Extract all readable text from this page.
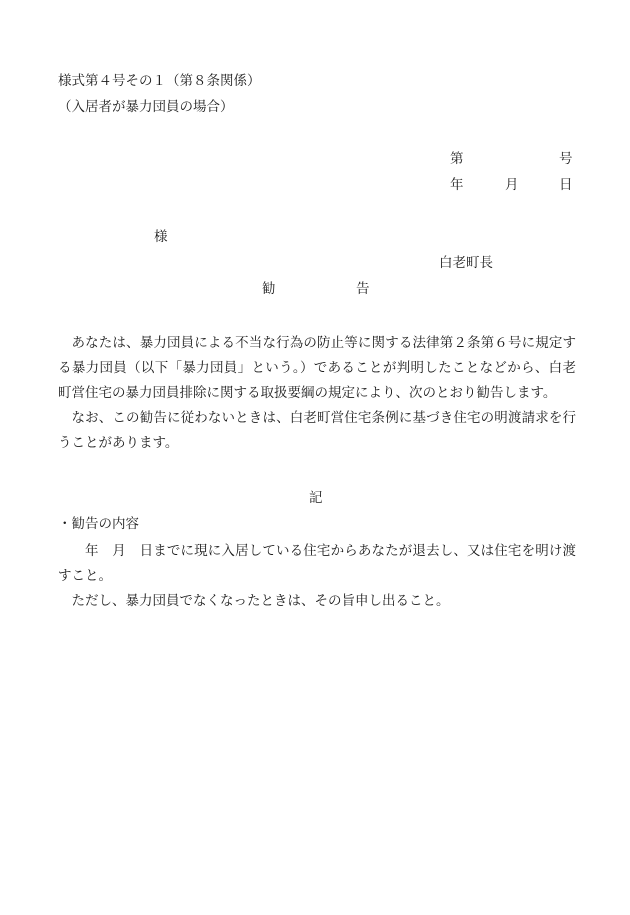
様式第４号その１（第８条関係）
（入居者が暴力団員の場合）
第	号
年	月	日
様
白老町長
勧	告

あなたは、暴力団員による不当な行為の防止等に関する法律第２条第６号に規定する暴力団員（以下「暴力団員」という。）であることが判明したことなどから、白老町営住宅の暴力団員排除に関する取扱要綱の規定により、次のとおり勧告します。

なお、この勧告に従わないときは、白老町営住宅条例に基づき住宅の明渡請求を行うことがあります。

記
・勧告の内容

年　月　日までに現に入居している住宅からあなたが退去し、又は住宅を明け渡すこと。

ただし、暴力団員でなくなったときは、その旨申し出ること。
